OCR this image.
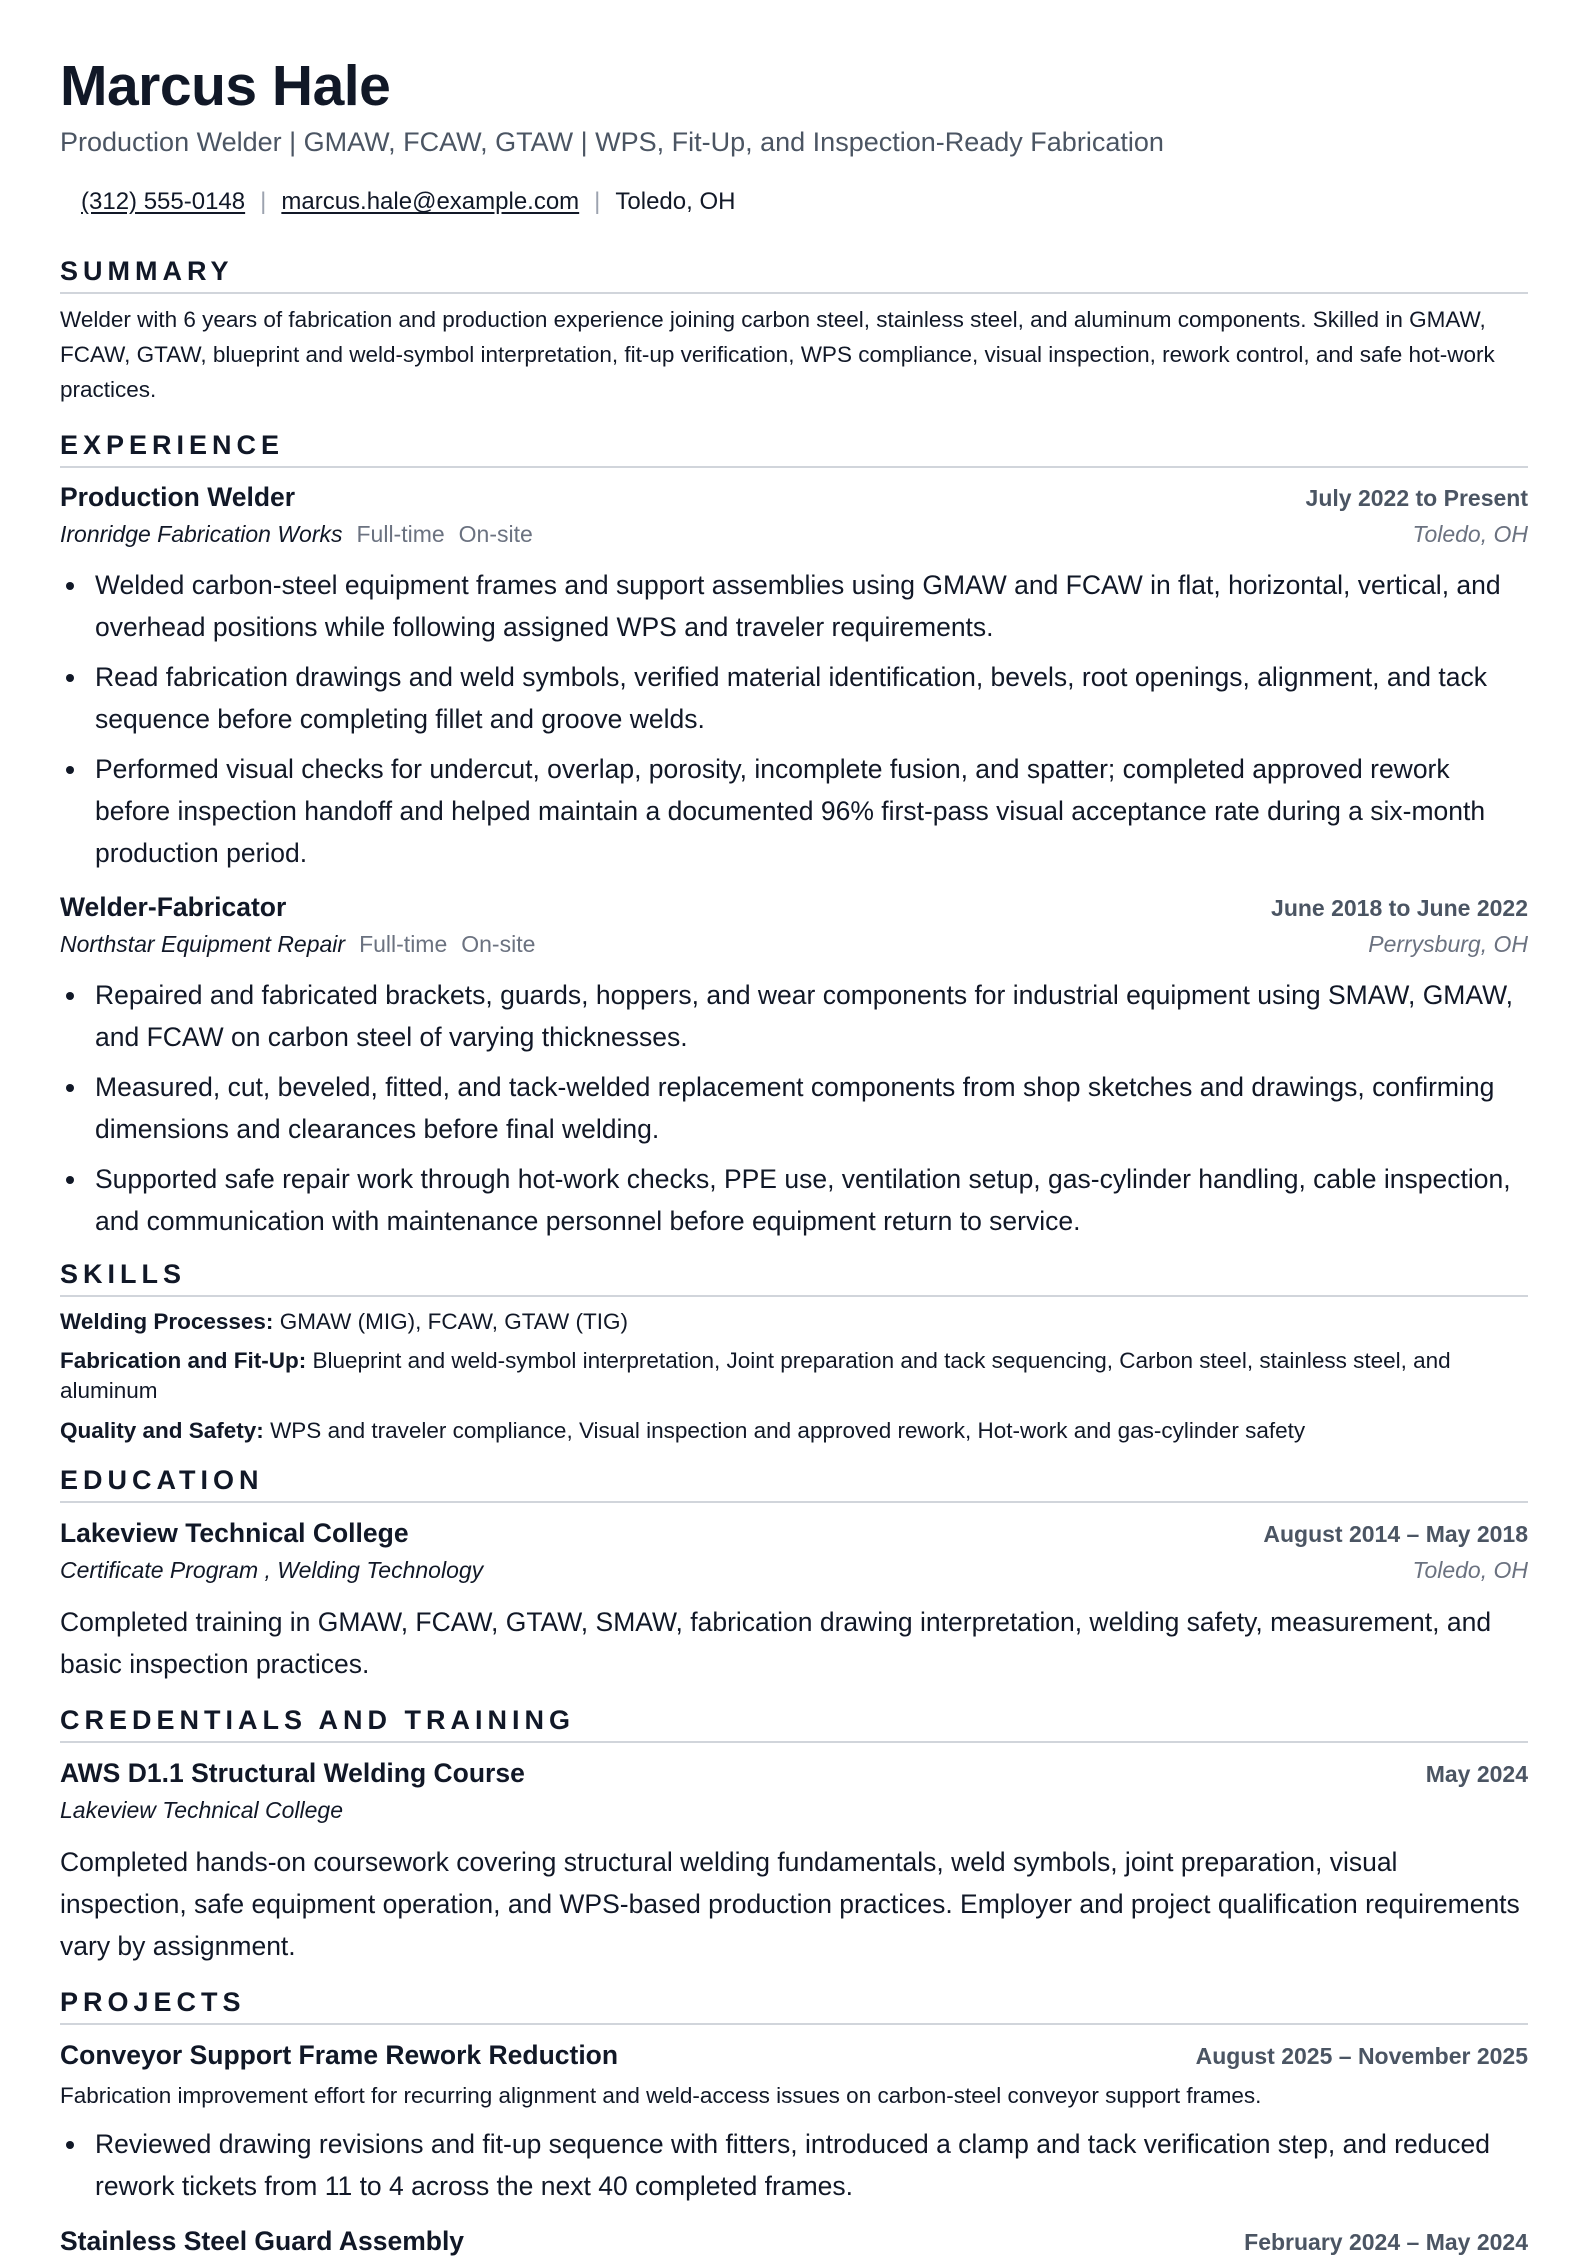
Marcus Hale
Production Welder | GMAW, FCAW, GTAW | WPS, Fit-Up, and Inspection-Ready Fabrication
(312) 555-0148 | marcus.hale@example.com | Toledo, OH
SUMMARY
Welder with 6 years of fabrication and production experience joining carbon steel, stainless steel, and aluminum components. Skilled in GMAW, FCAW, GTAW, blueprint and weld-symbol interpretation, fit-up verification, WPS compliance, visual inspection, rework control, and safe hot-work practices.
EXPERIENCE
Production Welder	July 2022 to Present
Ironridge Fabrication Works Full-time On-site	Toledo, OH
Welded carbon-steel equipment frames and support assemblies using GMAW and FCAW in flat, horizontal, vertical, and overhead positions while following assigned WPS and traveler requirements.
Read fabrication drawings and weld symbols, verified material identification, bevels, root openings, alignment, and tack sequence before completing fillet and groove welds.
Performed visual checks for undercut, overlap, porosity, incomplete fusion, and spatter; completed approved rework before inspection handoff and helped maintain a documented 96% first-pass visual acceptance rate during a six-month production period.
Welder-Fabricator	June 2018 to June 2022
Northstar Equipment Repair Full-time On-site	Perrysburg, OH
Repaired and fabricated brackets, guards, hoppers, and wear components for industrial equipment using SMAW, GMAW, and FCAW on carbon steel of varying thicknesses.
Measured, cut, beveled, fitted, and tack-welded replacement components from shop sketches and drawings, confirming dimensions and clearances before final welding.
Supported safe repair work through hot-work checks, PPE use, ventilation setup, gas-cylinder handling, cable inspection, and communication with maintenance personnel before equipment return to service.
SKILLS
Welding Processes: GMAW (MIG), FCAW, GTAW (TIG)
Fabrication and Fit-Up: Blueprint and weld-symbol interpretation, Joint preparation and tack sequencing, Carbon steel, stainless steel, and aluminum
Quality and Safety: WPS and traveler compliance, Visual inspection and approved rework, Hot-work and gas-cylinder safety
EDUCATION
Lakeview Technical College	August 2014 – May 2018
Certificate Program , Welding Technology	Toledo, OH
Completed training in GMAW, FCAW, GTAW, SMAW, fabrication drawing interpretation, welding safety, measurement, and basic inspection practices.
CREDENTIALS AND TRAINING
AWS D1.1 Structural Welding Course	May 2024
Lakeview Technical College
Completed hands-on coursework covering structural welding fundamentals, weld symbols, joint preparation, visual inspection, safe equipment operation, and WPS-based production practices. Employer and project qualification requirements vary by assignment.
PROJECTS
Conveyor Support Frame Rework Reduction	August 2025 – November 2025
Fabrication improvement effort for recurring alignment and weld-access issues on carbon-steel conveyor support frames.
Reviewed drawing revisions and fit-up sequence with fitters, introduced a clamp and tack verification step, and reduced rework tickets from 11 to 4 across the next 40 completed frames.
Stainless Steel Guard Assembly	February 2024 – May 2024
